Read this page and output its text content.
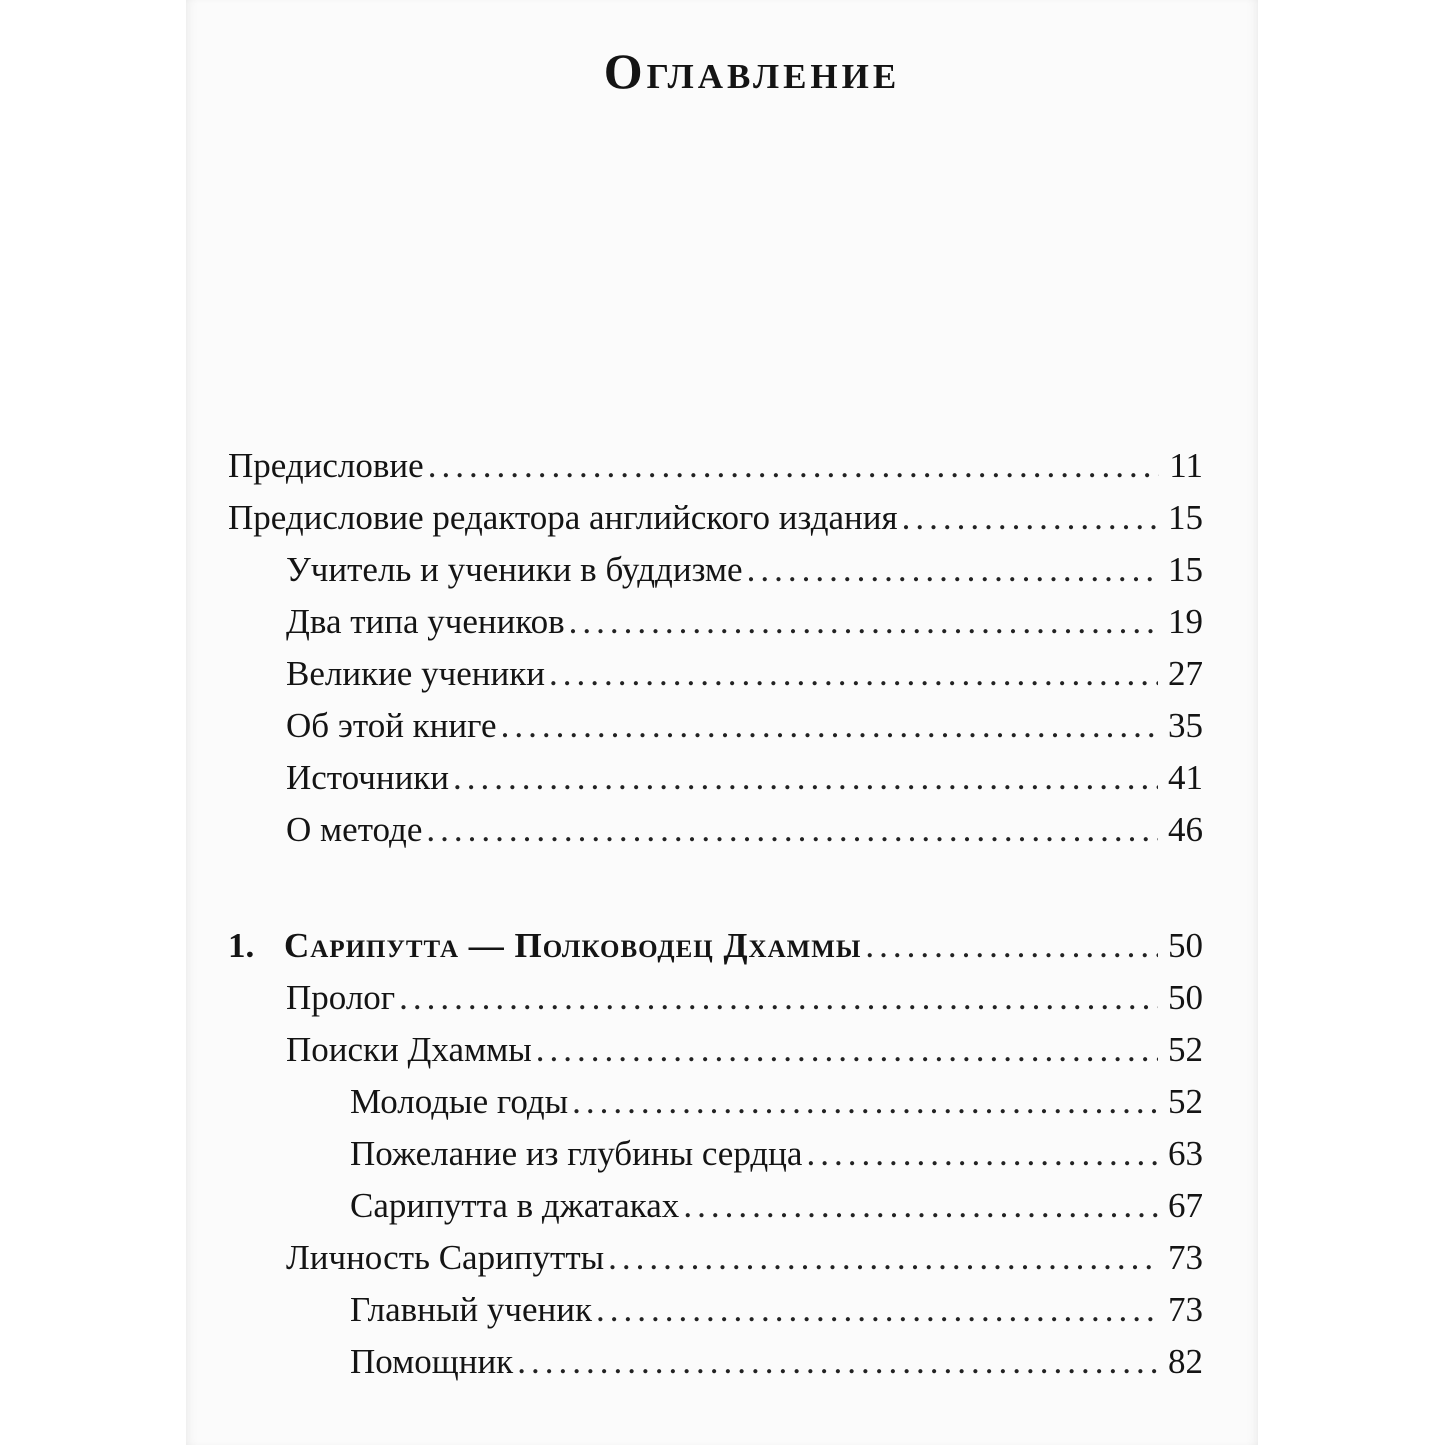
Оглавление
Предисловие .....	11
Предисловие редактора английского издания .....	15
Учитель и ученики в буддизме .....	15
Два типа учеников .....	19
Великие ученики .....	27
Об этой книге .....	35
Источники .....	41
О методе .....	46
1. Сарипутта — Полководец Дхаммы .....	50
Пролог .....	50
Поиски Дхаммы .....	52
Молодые годы .....	52
Пожелание из глубины сердца .....	63
Сарипутта в джатаках .....	67
Личность Сарипутты .....	73
Главный ученик .....	73
Помощник .....	82
